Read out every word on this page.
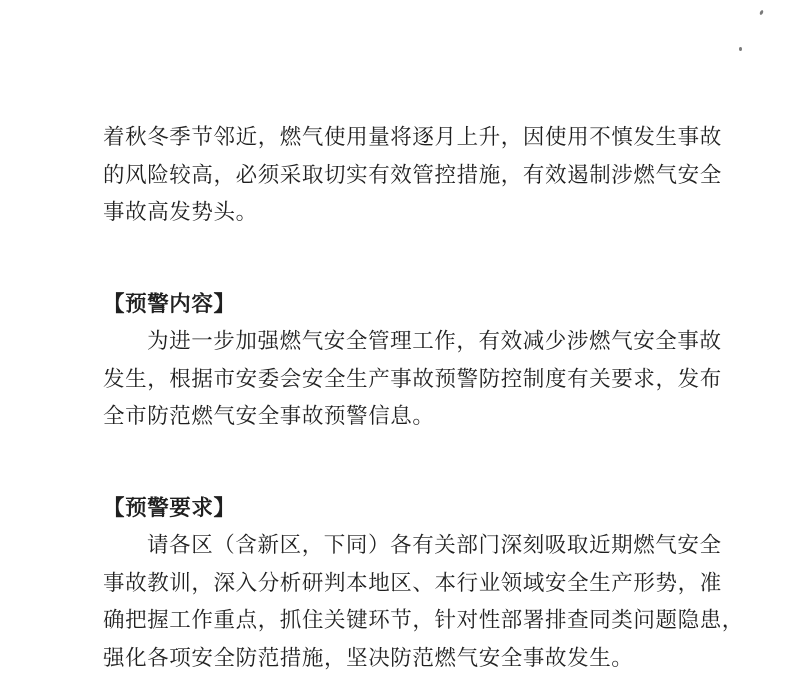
着秋冬季节邻近，燃气使用量将逐月上升，因使用不慎发生事故
的风险较高，必须采取切实有效管控措施，有效遏制涉燃气安全
事故高发势头。

【预警内容】

为进一步加强燃气安全管理工作，有效减少涉燃气安全事故
发生，根据市安委会安全生产事故预警防控制度有关要求，发布
全市防范燃气安全事故预警信息。

【预警要求】

请各区（含新区，下同）各有关部门深刻吸取近期燃气安全
事故教训，深入分析研判本地区、本行业领域安全生产形势，准
确把握工作重点，抓住关键环节，针对性部署排查同类问题隐患，
强化各项安全防范措施，坚决防范燃气安全事故发生。
